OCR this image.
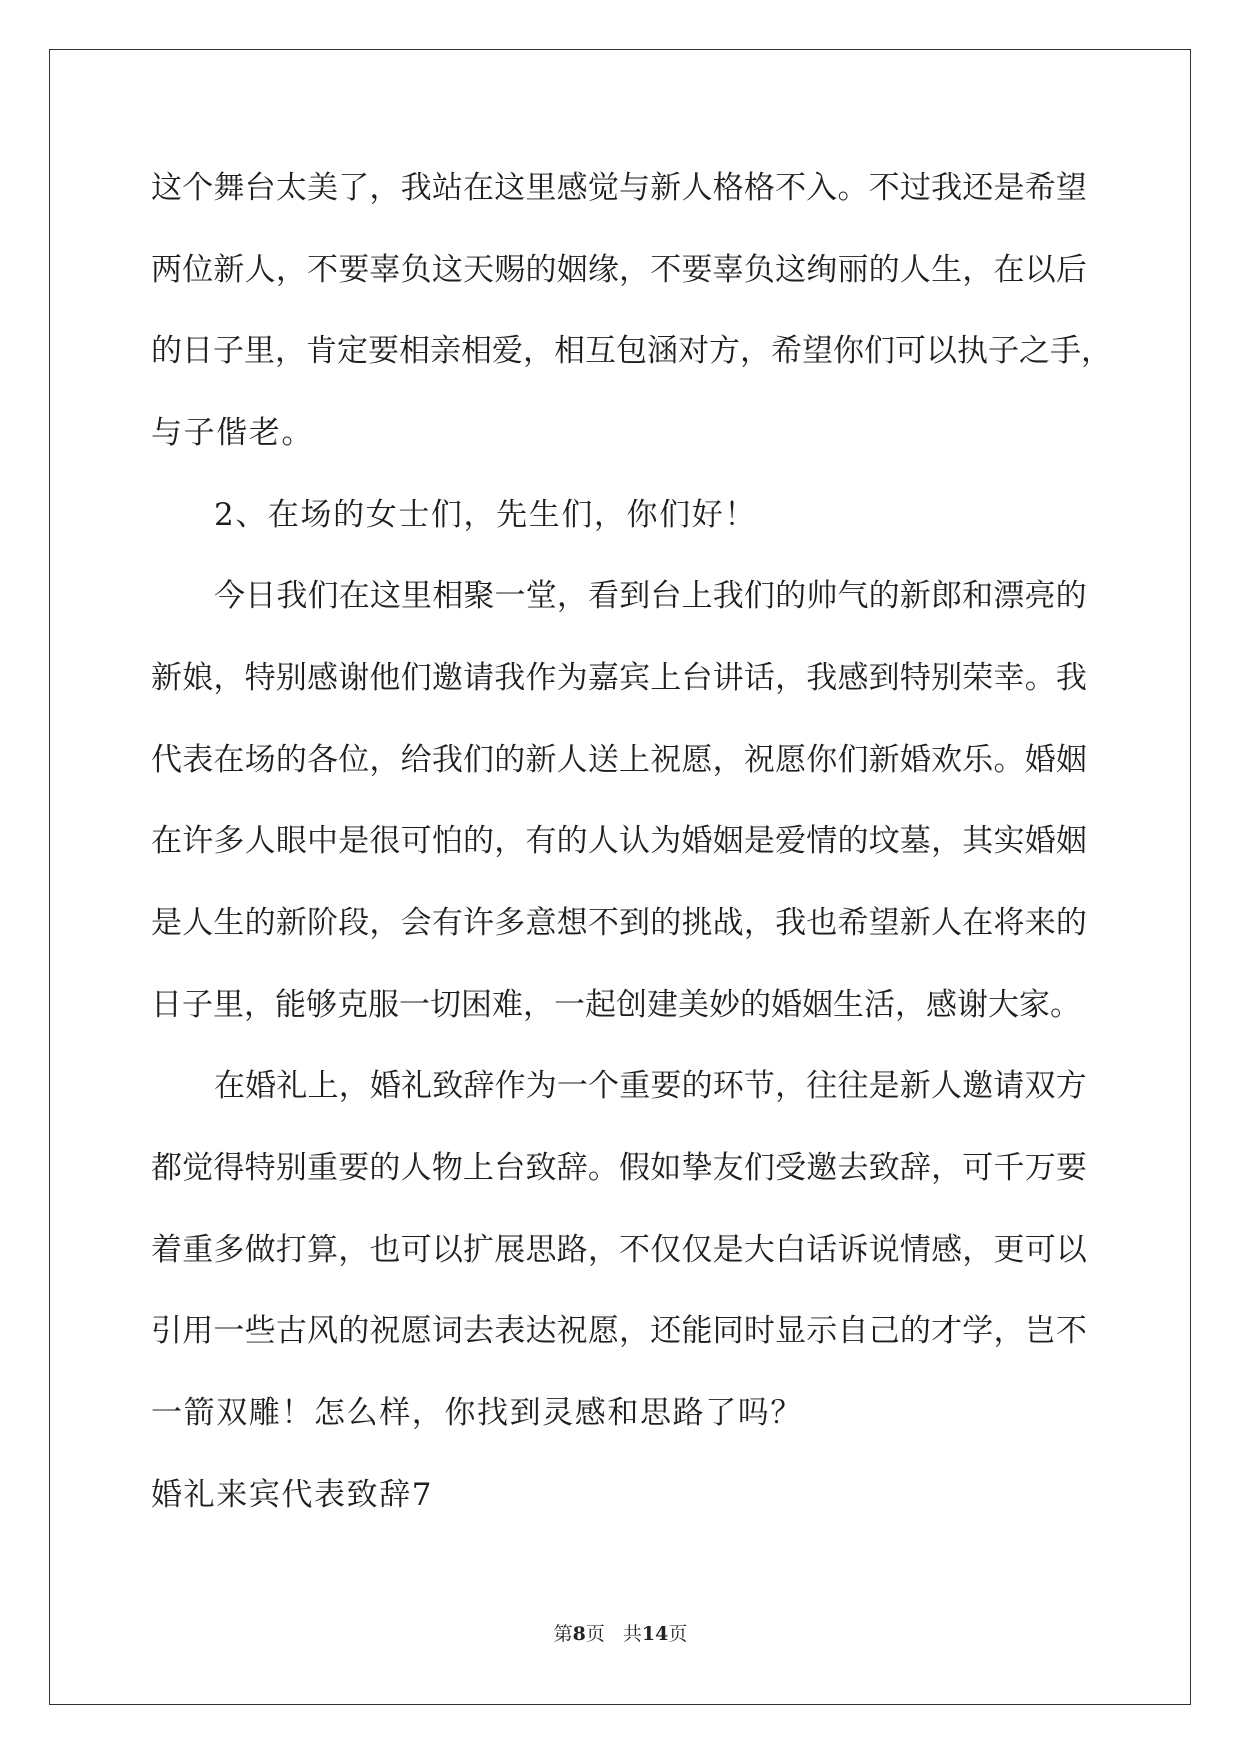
这 个 舞 台 太 美 了 ， 我 站 在 这 里 感 觉 与 新 人 格 格 不 入 。 不 过 我 还 是 希 望
两 位 新 人 ， 不 要 辜 负 这 天 赐 的 姻 缘 ， 不 要 辜 负 这 绚 丽 的 人 生 ， 在 以 后
的 日 子 里 ， 肯 定 要 相 亲 相 爱 ， 相 互 包 涵 对 方 ， 希 望 你 们 可 以 执 子 之 手 ，
与子偕老。
2、在场的女士们，先生们，你们好！
今 日 我 们 在 这 里 相 聚 一 堂 ， 看 到 台 上 我 们 的 帅 气 的 新 郎 和 漂 亮 的
新 娘 ， 特 别 感 谢 他 们 邀 请 我 作 为 嘉 宾 上 台 讲 话 ， 我 感 到 特 别 荣 幸 。 我
代 表 在 场 的 各 位 ， 给 我 们 的 新 人 送 上 祝 愿 ， 祝 愿 你 们 新 婚 欢 乐 。 婚 姻
在 许 多 人 眼 中 是 很 可 怕 的 ， 有 的 人 认 为 婚 姻 是 爱 情 的 坟 墓 ， 其 实 婚 姻
是 人 生 的 新 阶 段 ， 会 有 许 多 意 想 不 到 的 挑 战 ， 我 也 希 望 新 人 在 将 来 的
日 子 里 ， 能 够 克 服 一 切 困 难 ， 一 起 创 建 美 妙 的 婚 姻 生 活 ， 感 谢 大 家 。
在 婚 礼 上 ， 婚 礼 致 辞 作 为 一 个 重 要 的 环 节 ， 往 往 是 新 人 邀 请 双 方
都 觉 得 特 别 重 要 的 人 物 上 台 致 辞 。 假 如 挚 友 们 受 邀 去 致 辞 ， 可 千 万 要
着 重 多 做 打 算 ， 也 可 以 扩 展 思 路 ， 不 仅 仅 是 大 白 话 诉 说 情 感 ， 更 可 以
引 用 一 些 古 风 的 祝 愿 词 去 表 达 祝 愿 ， 还 能 同 时 显 示 自 己 的 才 学 ， 岂 不
一箭双雕！怎么样，你找到灵感和思路了吗？
婚礼来宾代表致辞7
第8页 共14页
